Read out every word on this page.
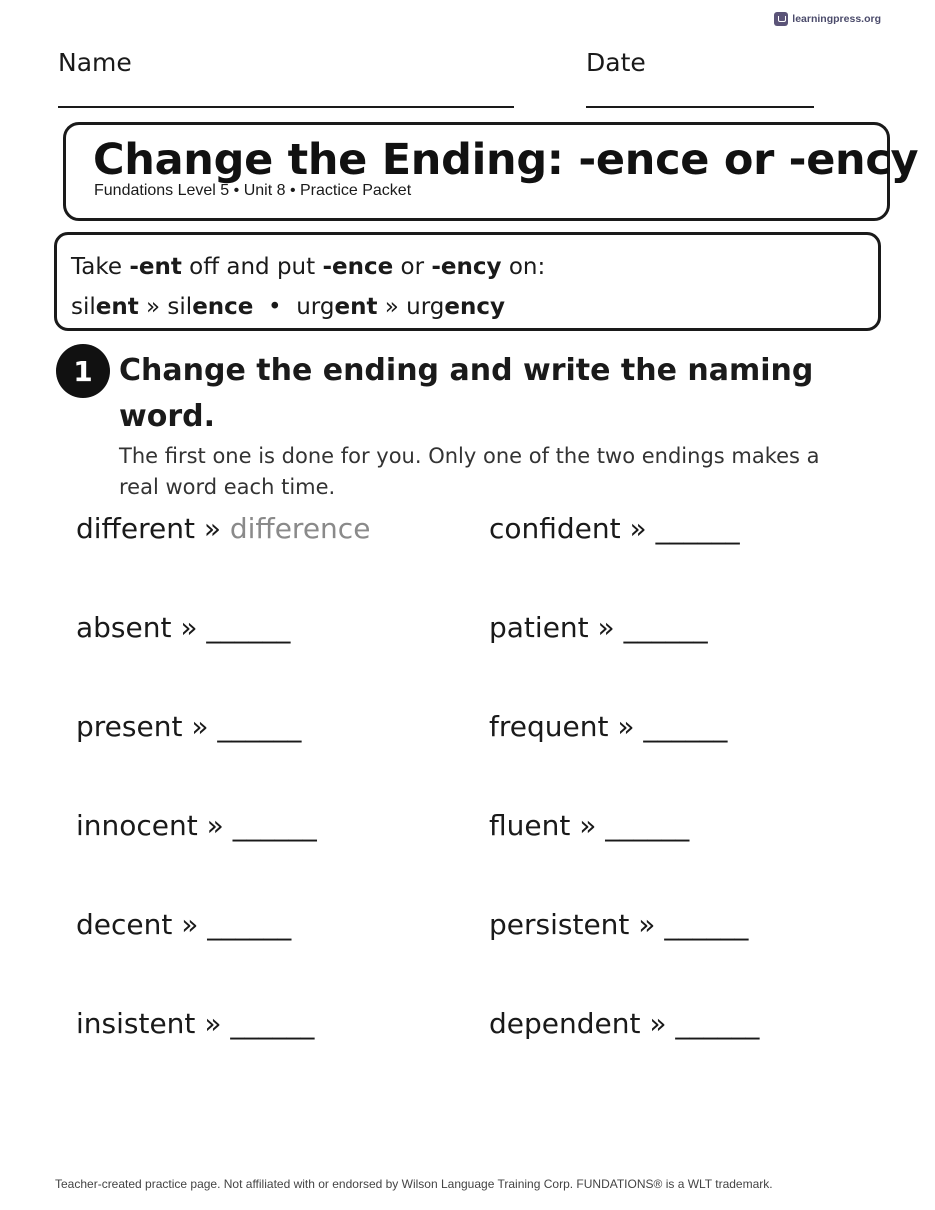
learningpress.org
Name	Date
Change the Ending: -ence or -ency
Fundations Level 5 • Unit 8 • Practice Packet
Take -ent off and put -ence or -ency on:
silent » silence  •  urgent » urgency
1 Change the ending and write the naming word.
The first one is done for you. Only one of the two endings makes a real word each time.
different » difference	confident » ______
absent » ______	patient » ______
present » ______	frequent » ______
innocent » ______	fluent » ______
decent » ______	persistent » ______
insistent » ______	dependent » ______
Teacher-created practice page. Not affiliated with or endorsed by Wilson Language Training Corp. FUNDATIONS® is a WLT trademark.
